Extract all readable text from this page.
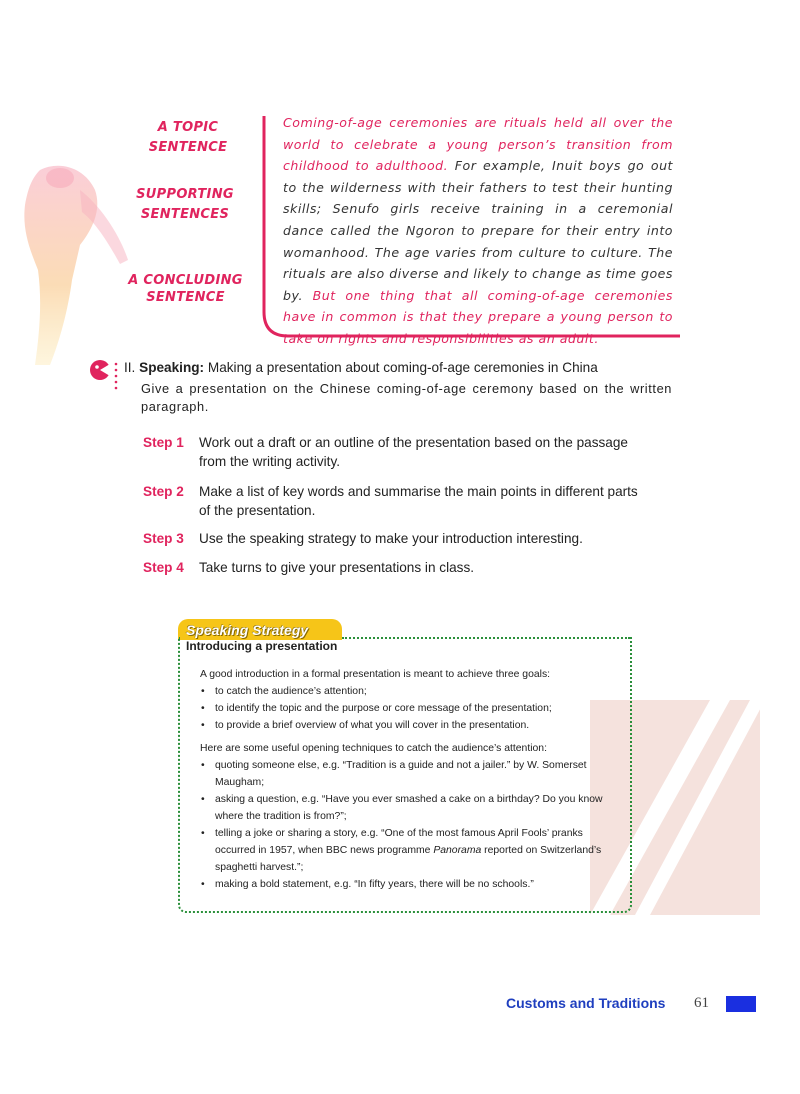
A TOPIC SENTENCE
SUPPORTING
SENTENCES
A CONCLUDING
SENTENCE
Coming-of-age ceremonies are rituals held all over the world to celebrate a young person’s transition from childhood to adulthood. For example, Inuit boys go out to the wilderness with their fathers to test their hunting skills; Senufo girls receive training in a ceremonial dance called the Ngoron to prepare for their entry into womanhood. The age varies from culture to culture. The rituals are also diverse and likely to change as time goes by. But one thing that all coming-of-age ceremonies have in common is that they prepare a young person to take on rights and responsibilities as an adult.
II. Speaking: Making a presentation about coming-of-age ceremonies in China
Give a presentation on the Chinese coming-of-age ceremony based on the written paragraph.
Step 1 Work out a draft or an outline of the presentation based on the passage from the writing activity.
Step 2 Make a list of key words and summarise the main points in different parts of the presentation.
Step 3 Use the speaking strategy to make your introduction interesting.
Step 4 Take turns to give your presentations in class.
Speaking Strategy
Introducing a presentation

A good introduction in a formal presentation is meant to achieve three goals:

• to catch the audience’s attention;
• to identify the topic and the purpose or core message of the presentation;
• to provide a brief overview of what you will cover in the presentation.

Here are some useful opening techniques to catch the audience’s attention:

• quoting someone else, e.g. “Tradition is a guide and not a jailer.” by W. Somerset Maugham;
• asking a question, e.g. “Have you ever smashed a cake on a birthday? Do you know where the tradition is from?”;
• telling a joke or sharing a story, e.g. “One of the most famous April Fools’ pranks occurred in 1957, when BBC news programme Panorama reported on Switzerland’s spaghetti harvest.”;
• making a bold statement, e.g. “In fifty years, there will be no schools.”
Customs and Traditions 61
